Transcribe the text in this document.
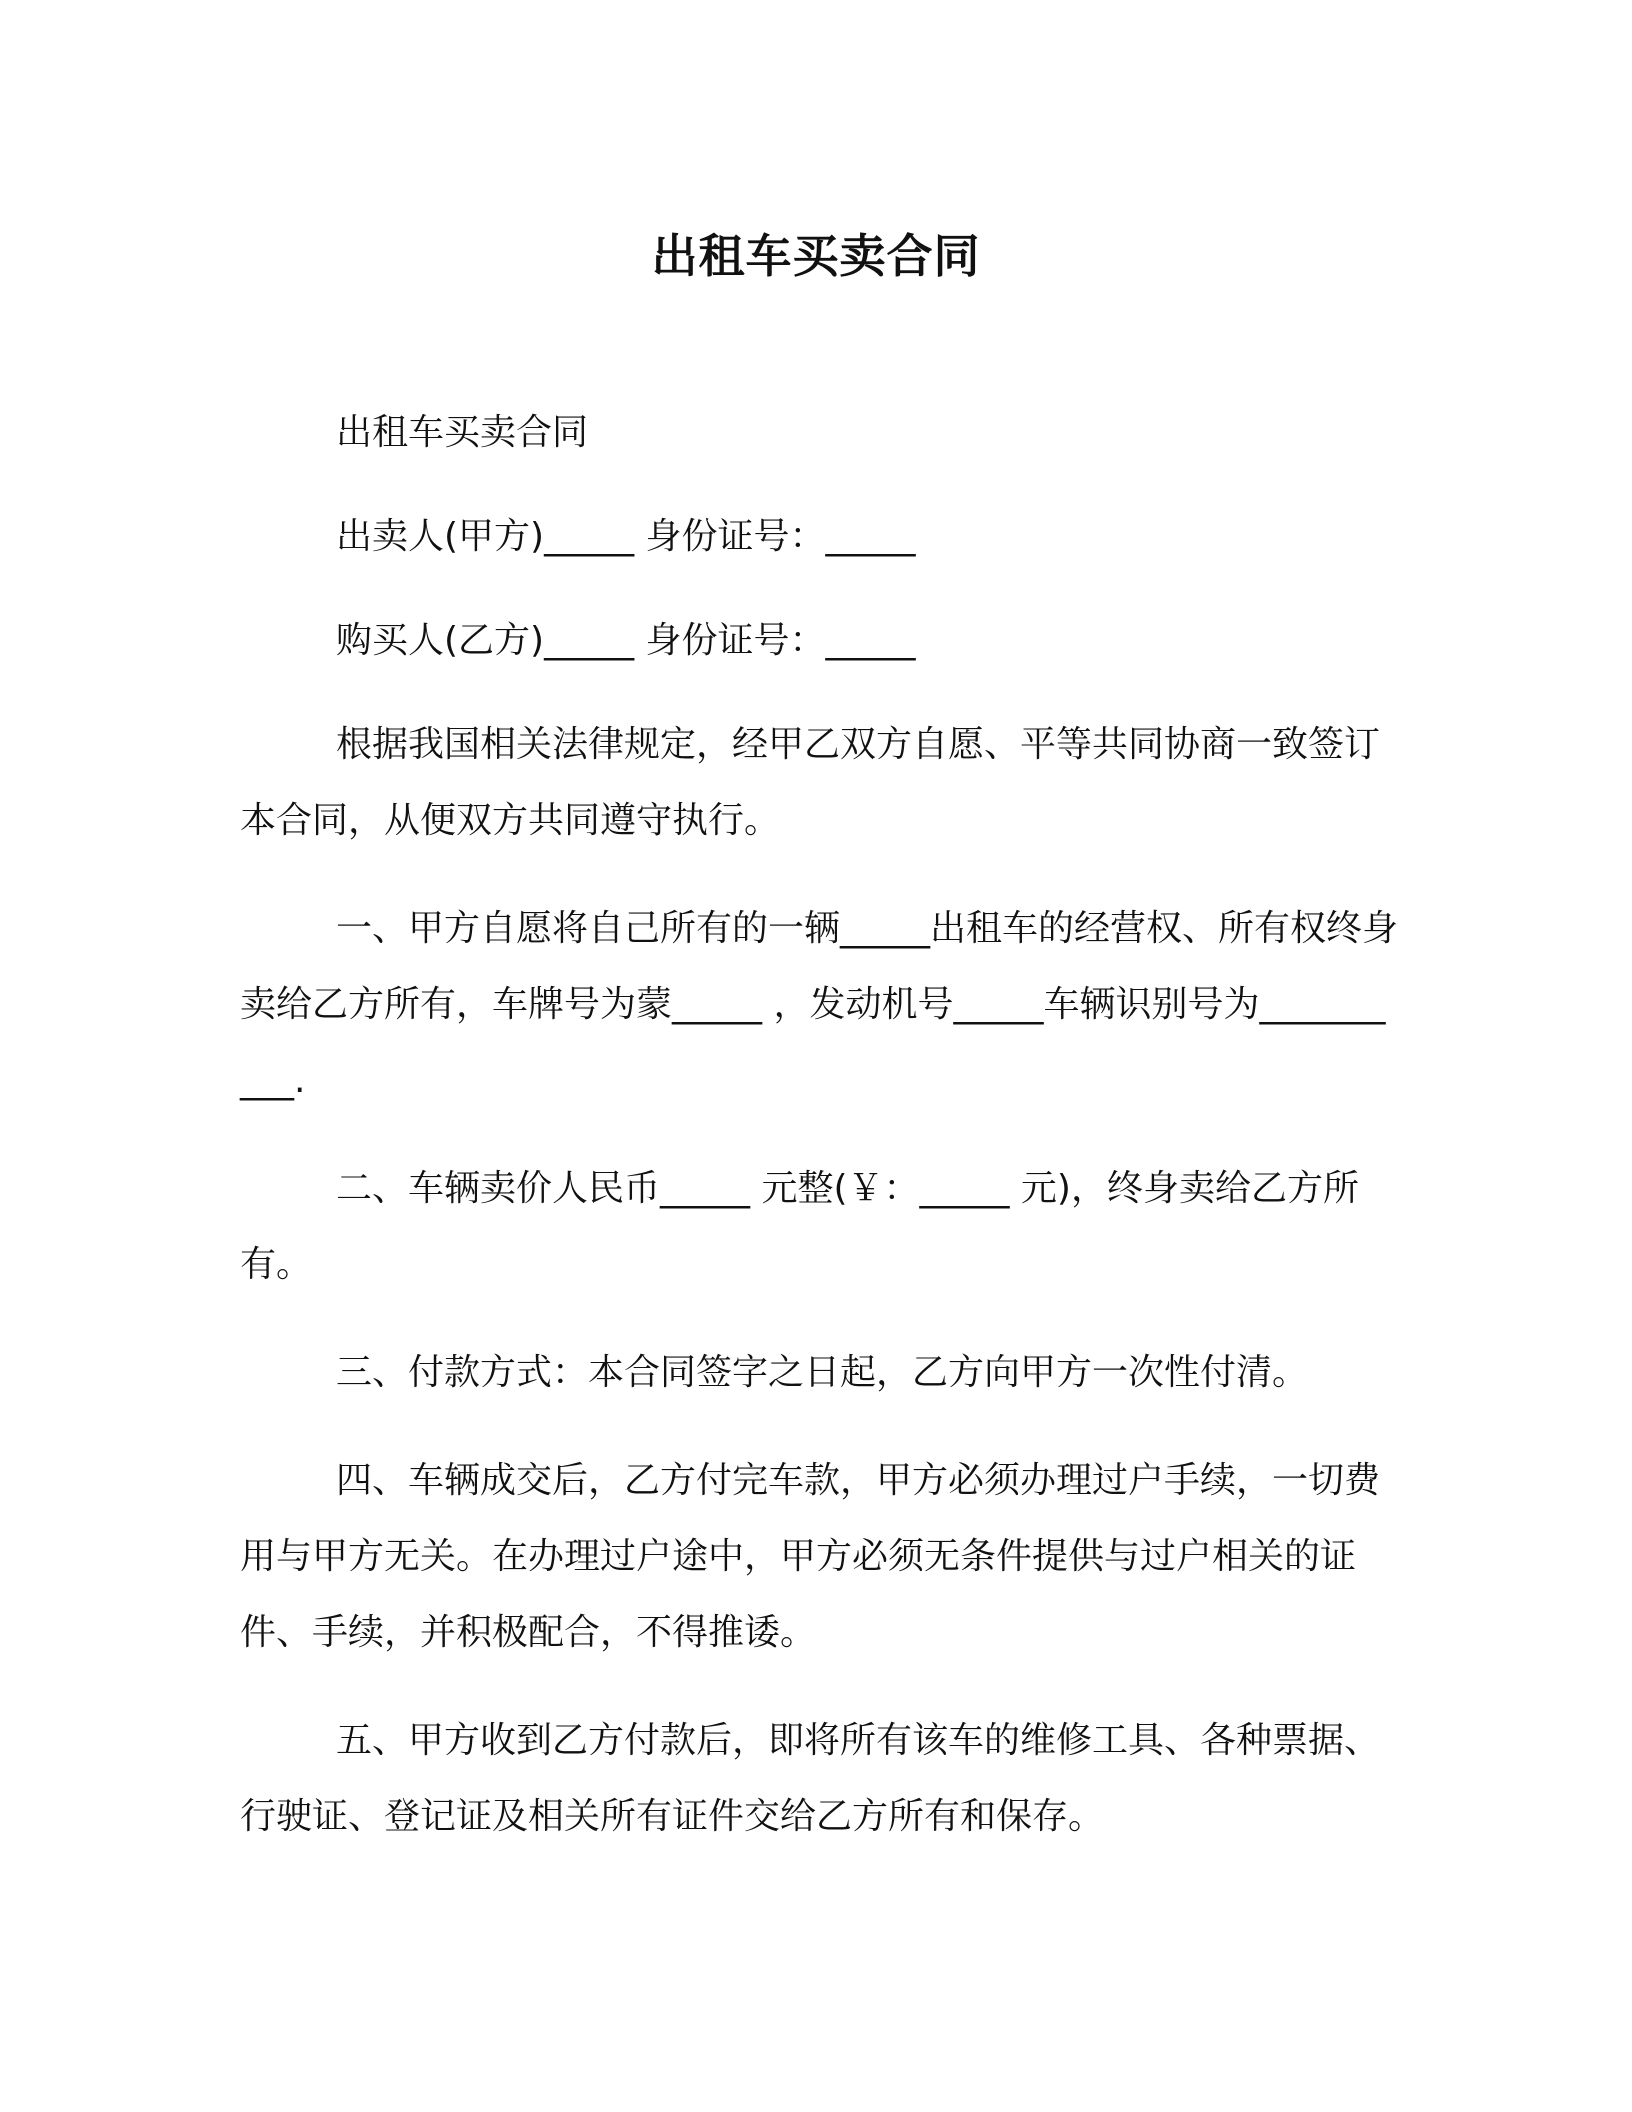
出租车买卖合同

出租车买卖合同

出卖人(甲方)_____ 身份证号：_____

购买人(乙方)_____ 身份证号：_____

根据我国相关法律规定，经甲乙双方自愿、平等共同协商一致签订本合同，从便双方共同遵守执行。

一、甲方自愿将自己所有的一辆_____出租车的经营权、所有权终身卖给乙方所有，车牌号为蒙_____ ，发动机号_____车辆识别号为__________.

二、车辆卖价人民币_____ 元整(￥：_____ 元)，终身卖给乙方所有。

三、付款方式：本合同签字之日起，乙方向甲方一次性付清。

四、车辆成交后，乙方付完车款，甲方必须办理过户手续，一切费用与甲方无关。在办理过户途中，甲方必须无条件提供与过户相关的证件、手续，并积极配合，不得推诿。

五、甲方收到乙方付款后，即将所有该车的维修工具、各种票据、行驶证、登记证及相关所有证件交给乙方所有和保存。
